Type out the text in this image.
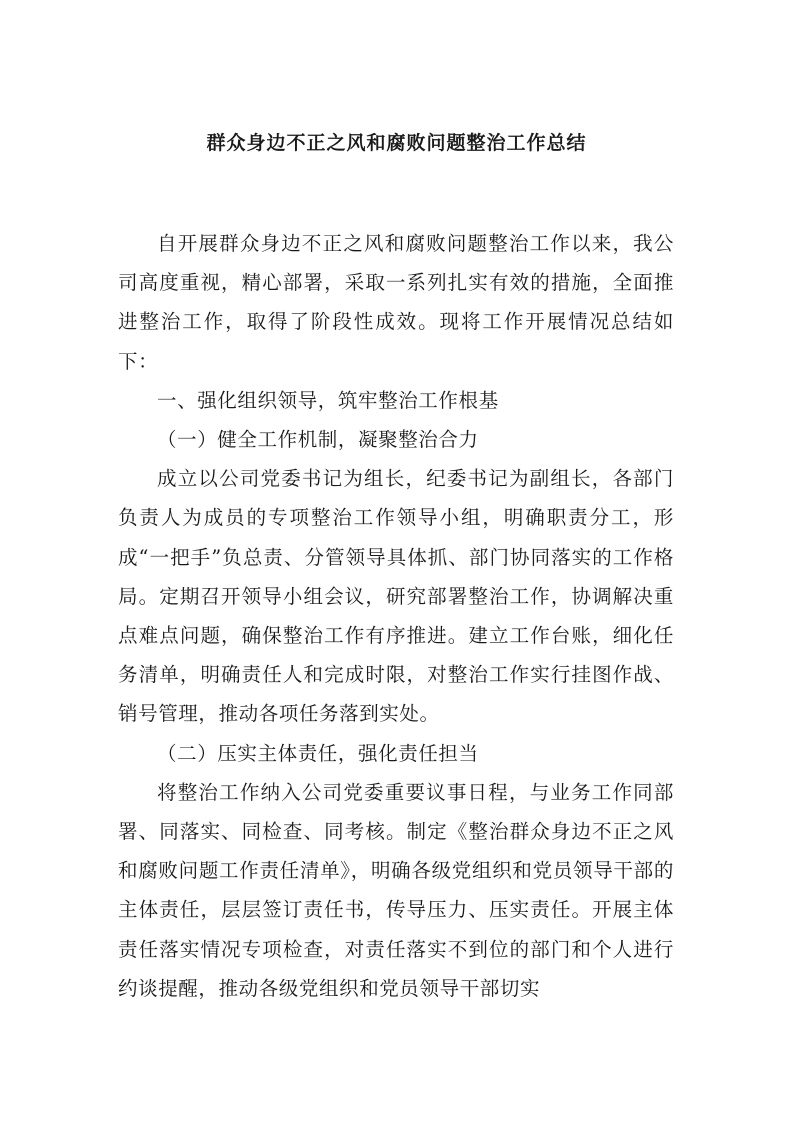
群众身边不正之风和腐败问题整治工作总结

自开展群众身边不正之风和腐败问题整治工作以来，我公司高度重视，精心部署，采取一系列扎实有效的措施，全面推进整治工作，取得了阶段性成效。现将工作开展情况总结如下：

一、强化组织领导，筑牢整治工作根基

（一）健全工作机制，凝聚整治合力

成立以公司党委书记为组长，纪委书记为副组长，各部门负责人为成员的专项整治工作领导小组，明确职责分工，形成“一把手”负总责、分管领导具体抓、部门协同落实的工作格局。定期召开领导小组会议，研究部署整治工作，协调解决重点难点问题，确保整治工作有序推进。建立工作台账，细化任务清单，明确责任人和完成时限，对整治工作实行挂图作战、销号管理，推动各项任务落到实处。

（二）压实主体责任，强化责任担当

将整治工作纳入公司党委重要议事日程，与业务工作同部署、同落实、同检查、同考核。制定《整治群众身边不正之风和腐败问题工作责任清单》，明确各级党组织和党员领导干部的主体责任，层层签订责任书，传导压力、压实责任。开展主体责任落实情况专项检查，对责任落实不到位的部门和个人进行约谈提醒，推动各级党组织和党员领导干部切实
